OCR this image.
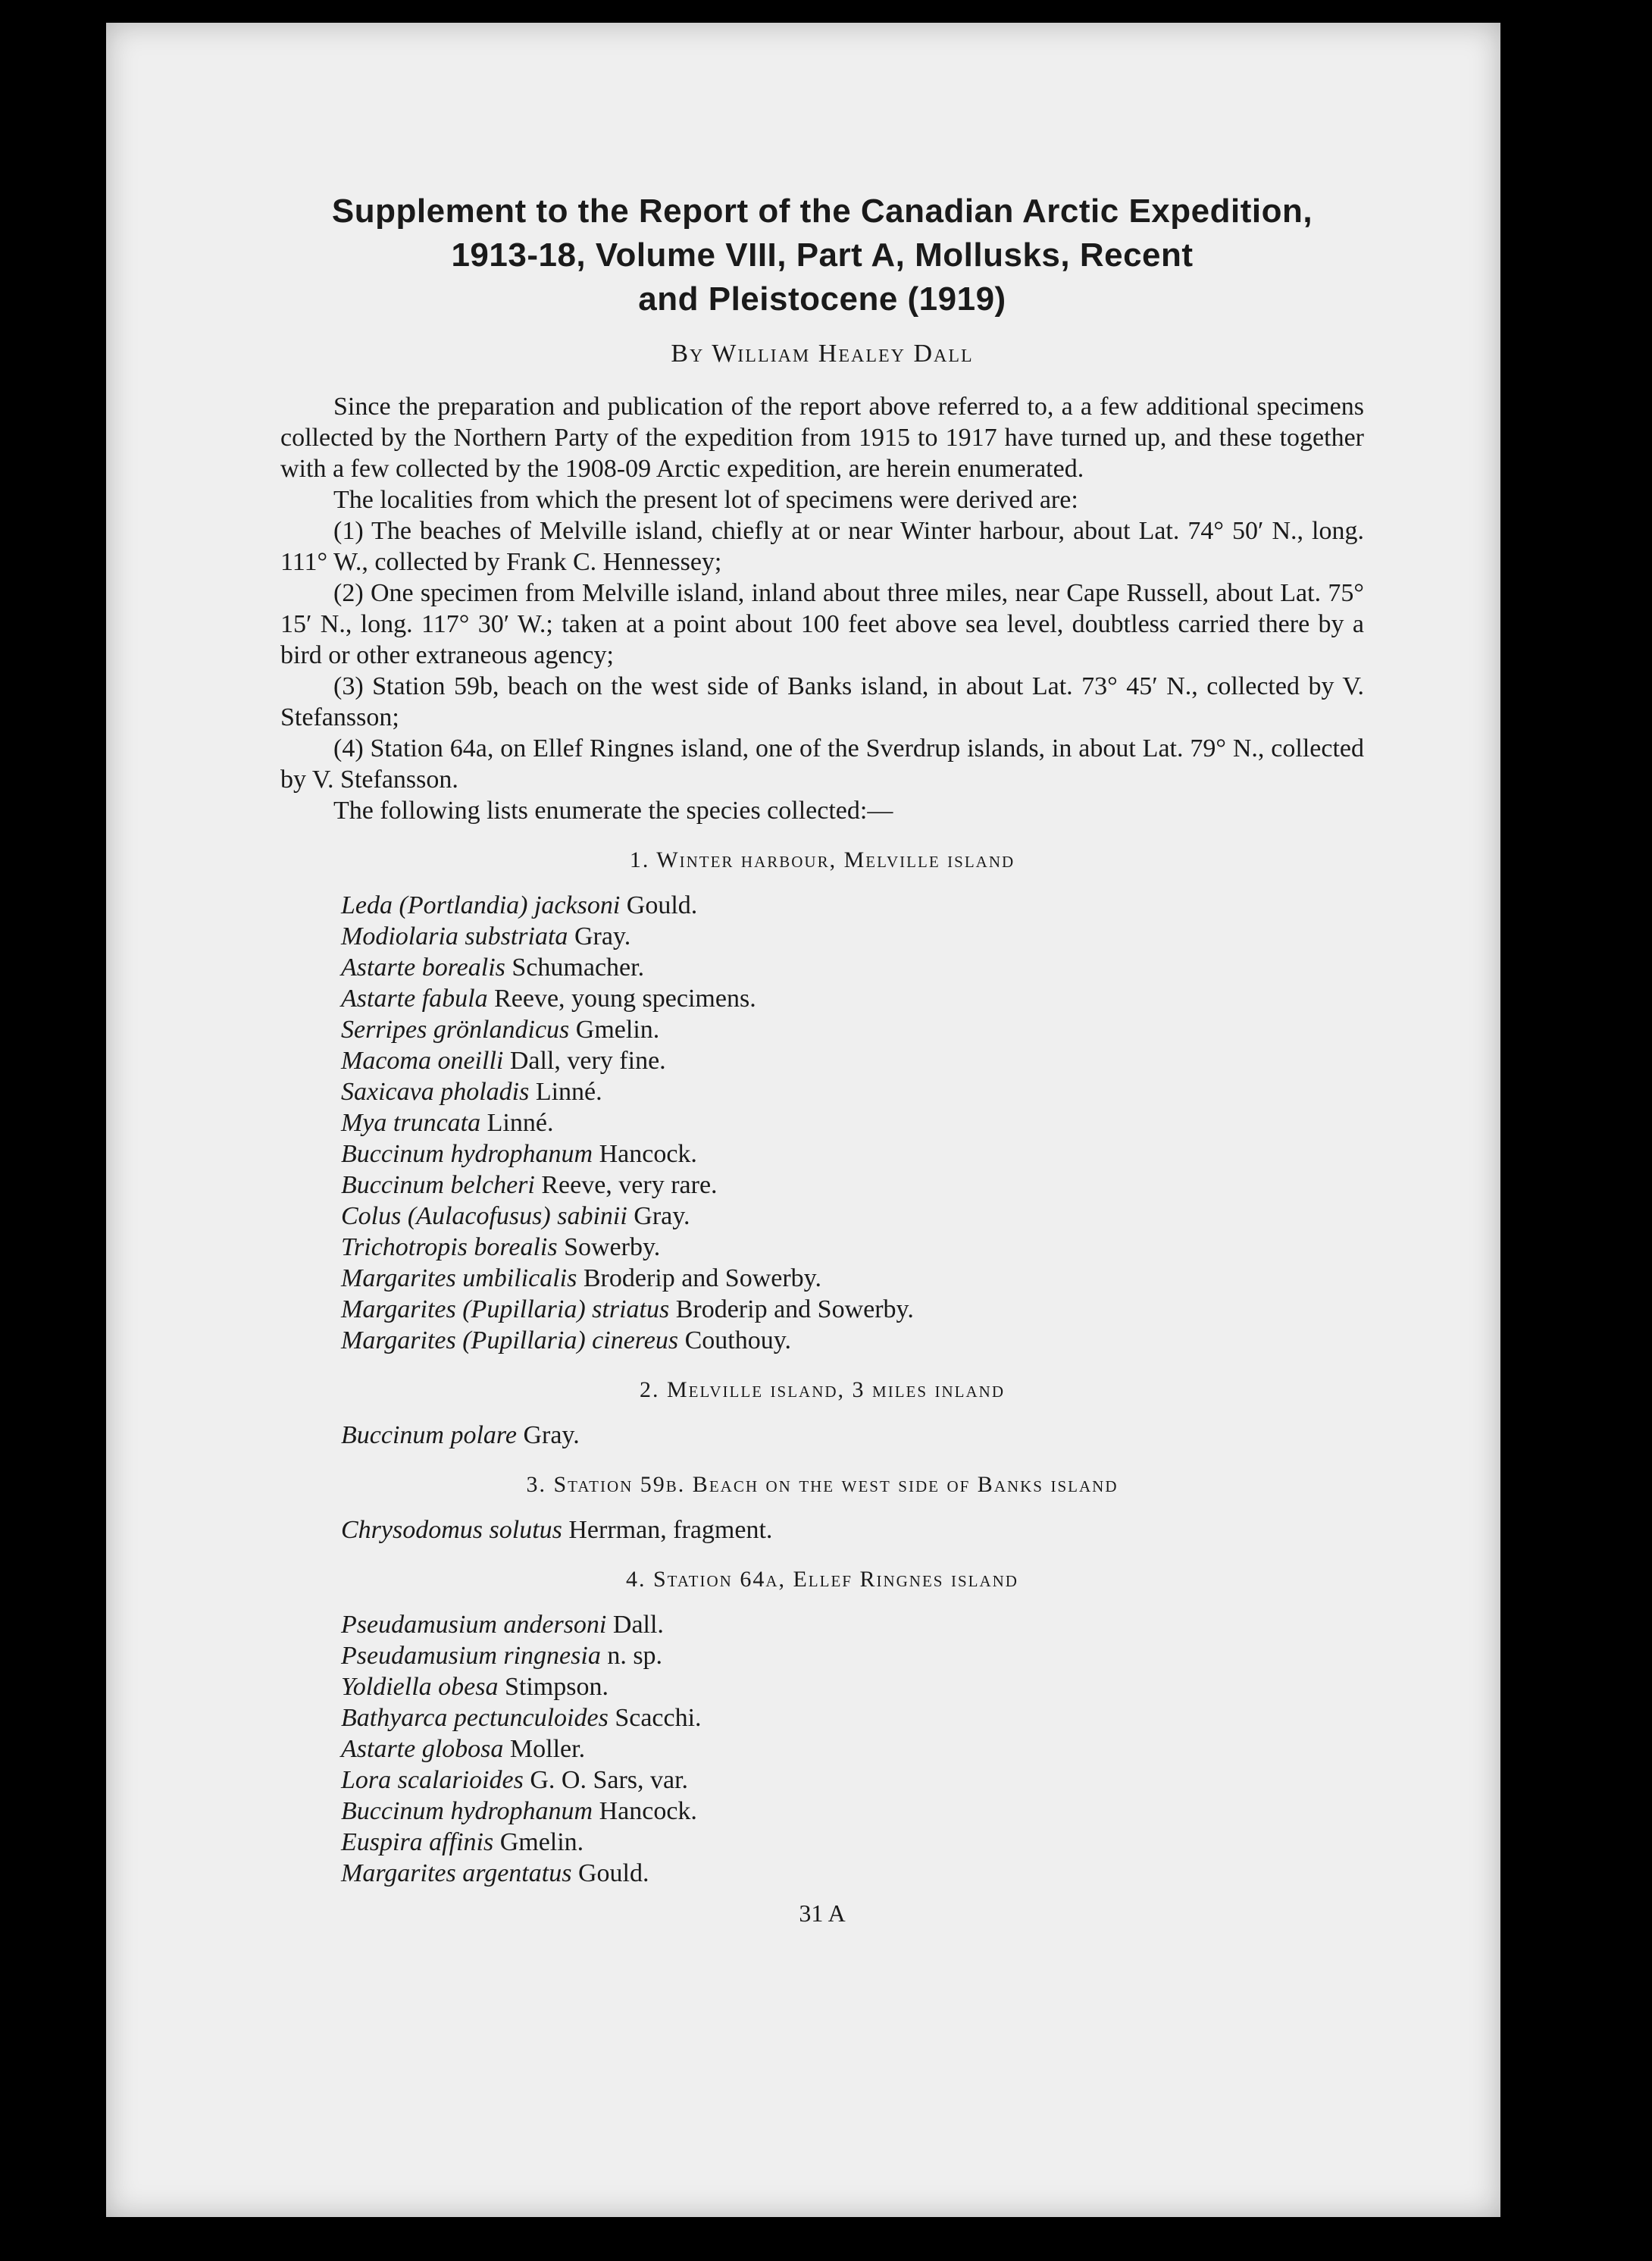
Supplement to the Report of the Canadian Arctic Expedition,
1913-18, Volume VIII, Part A, Mollusks, Recent
and Pleistocene (1919)
By William Healey Dall

Since the preparation and publication of the report above referred to, a a few additional specimens collected by the Northern Party of the expedition from 1915 to 1917 have turned up, and these together with a few collected by the 1908-09 Arctic expedition, are herein enumerated.

The localities from which the present lot of specimens were derived are:

(1) The beaches of Melville island, chiefly at or near Winter harbour, about Lat. 74° 50′ N., long. 111° W., collected by Frank C. Hennessey;
(2) One specimen from Melville island, inland about three miles, near Cape Russell, about Lat. 75° 15′ N., long. 117° 30′ W.; taken at a point about 100 feet above sea level, doubtless carried there by a bird or other extraneous agency;
(3) Station 59b, beach on the west side of Banks island, in about Lat. 73° 45′ N., collected by V. Stefansson;
(4) Station 64a, on Ellef Ringnes island, one of the Sverdrup islands, in about Lat. 79° N., collected by V. Stefansson.

The following lists enumerate the species collected:—

1. Winter harbour, Melville island
Leda (Portlandia) jacksoni Gould.
Modiolaria substriata Gray.
Astarte borealis Schumacher.
Astarte fabula Reeve, young specimens.
Serripes grönlandicus Gmelin.
Macoma oneilli Dall, very fine.
Saxicava pholadis Linné.
Mya truncata Linné.
Buccinum hydrophanum Hancock.
Buccinum belcheri Reeve, very rare.
Colus (Aulacofusus) sabinii Gray.
Trichotropis borealis Sowerby.
Margarites umbilicalis Broderip and Sowerby.
Margarites (Pupillaria) striatus Broderip and Sowerby.
Margarites (Pupillaria) cinereus Couthouy.
2. Melville island, 3 miles inland
Buccinum polare Gray.
3. Station 59b. Beach on the west side of Banks island
Chrysodomus solutus Herrman, fragment.
4. Station 64a, Ellef Ringnes island
Pseudamusium andersoni Dall.
Pseudamusium ringnesia n. sp.
Yoldiella obesa Stimpson.
Bathyarca pectunculoides Scacchi.
Astarte globosa Moller.
Lora scalarioides G. O. Sars, var.
Buccinum hydrophanum Hancock.
Euspira affinis Gmelin.
Margarites argentatus Gould.
31 A
